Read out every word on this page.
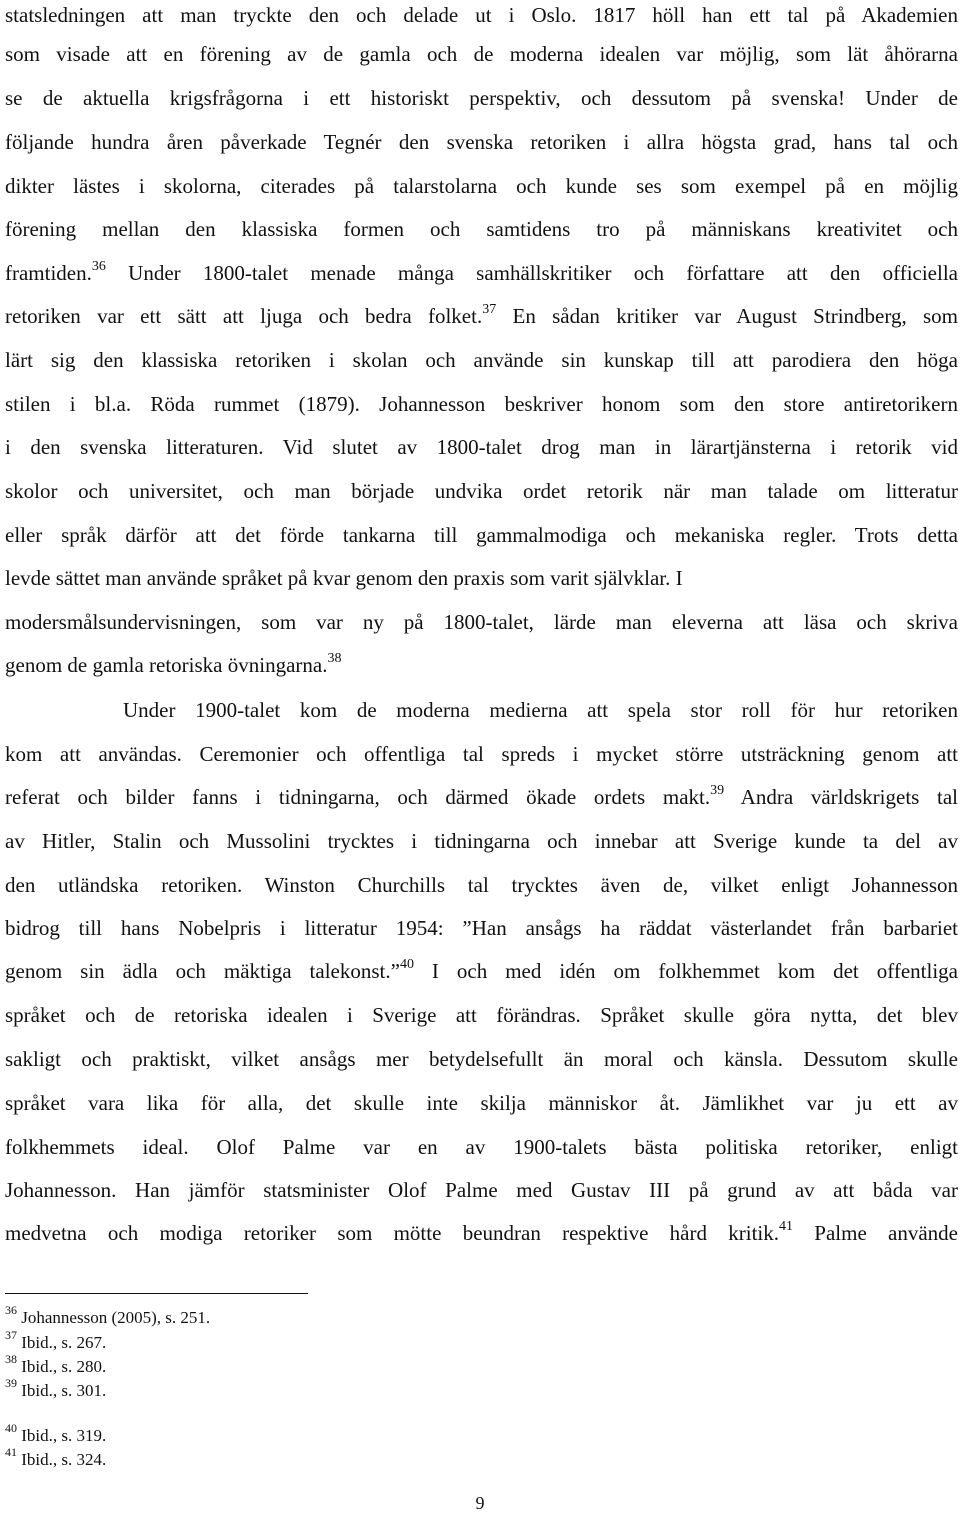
statsledningen att man tryckte den och delade ut i Oslo. 1817 höll han ett tal på Akademien
som visade att en förening av de gamla och de moderna idealen var möjlig, som lät åhörarna
se de aktuella krigsfrågorna i ett historiskt perspektiv, och dessutom på svenska! Under de
följande hundra åren påverkade Tegnér den svenska retoriken i allra högsta grad, hans tal och
dikter lästes i skolorna, citerades på talarstolarna och kunde ses som exempel på en möjlig
förening mellan den klassiska formen och samtidens tro på människans kreativitet och
framtiden.$^{36}$ Under 1800-talet menade många samhällskritiker och författare att den officiella
retoriken var ett sätt att ljuga och bedra folket.$^{37}$ En sådan kritiker var August Strindberg, som
lärt sig den klassiska retoriken i skolan och använde sin kunskap till att parodiera den höga
stilen i bl.a. Röda rummet (1879). Johannesson beskriver honom som den store antiretorikern
i den svenska litteraturen. Vid slutet av 1800-talet drog man in lärartjänsterna i retorik vid
skolor och universitet, och man började undvika ordet retorik när man talade om litteratur
eller språk därför att det förde tankarna till gammalmodiga och mekaniska regler. Trots detta
levde sättet man använde språket på kvar genom den praxis som varit självklar. I
modersmålsundervisningen, som var ny på 1800-talet, lärde man eleverna att läsa och skriva
genom de gamla retoriska övningarna.$^{38}$
Under 1900-talet kom de moderna medierna att spela stor roll för hur retoriken
kom att användas. Ceremonier och offentliga tal spreds i mycket större utsträckning genom att
referat och bilder fanns i tidningarna, och därmed ökade ordets makt.$^{39}$ Andra världskrigets tal
av Hitler, Stalin och Mussolini trycktes i tidningarna och innebar att Sverige kunde ta del av
den utländska retoriken. Winston Churchills tal trycktes även de, vilket enligt Johannesson
bidrog till hans Nobelpris i litteratur 1954: ”Han ansågs ha räddat västerlandet från barbariet
genom sin ädla och mäktiga talekonst.”$^{40}$ I och med idén om folkhemmet kom det offentliga
språket och de retoriska idealen i Sverige att förändras. Språket skulle göra nytta, det blev
sakligt och praktiskt, vilket ansågs mer betydelsefullt än moral och känsla. Dessutom skulle
språket vara lika för alla, det skulle inte skilja människor åt. Jämlikhet var ju ett av
folkhemmets ideal. Olof Palme var en av 1900-talets bästa politiska retoriker, enligt
Johannesson. Han jämför statsminister Olof Palme med Gustav III på grund av att båda var
medvetna och modiga retoriker som mötte beundran respektive hård kritik.$^{41}$ Palme använde
$^{36}$ Johannesson (2005), s. 251.
$^{37}$ Ibid., s. 267.
$^{38}$ Ibid., s. 280.
$^{39}$ Ibid., s. 301.
$^{40}$ Ibid., s. 319.
$^{41}$ Ibid., s. 324.
9
